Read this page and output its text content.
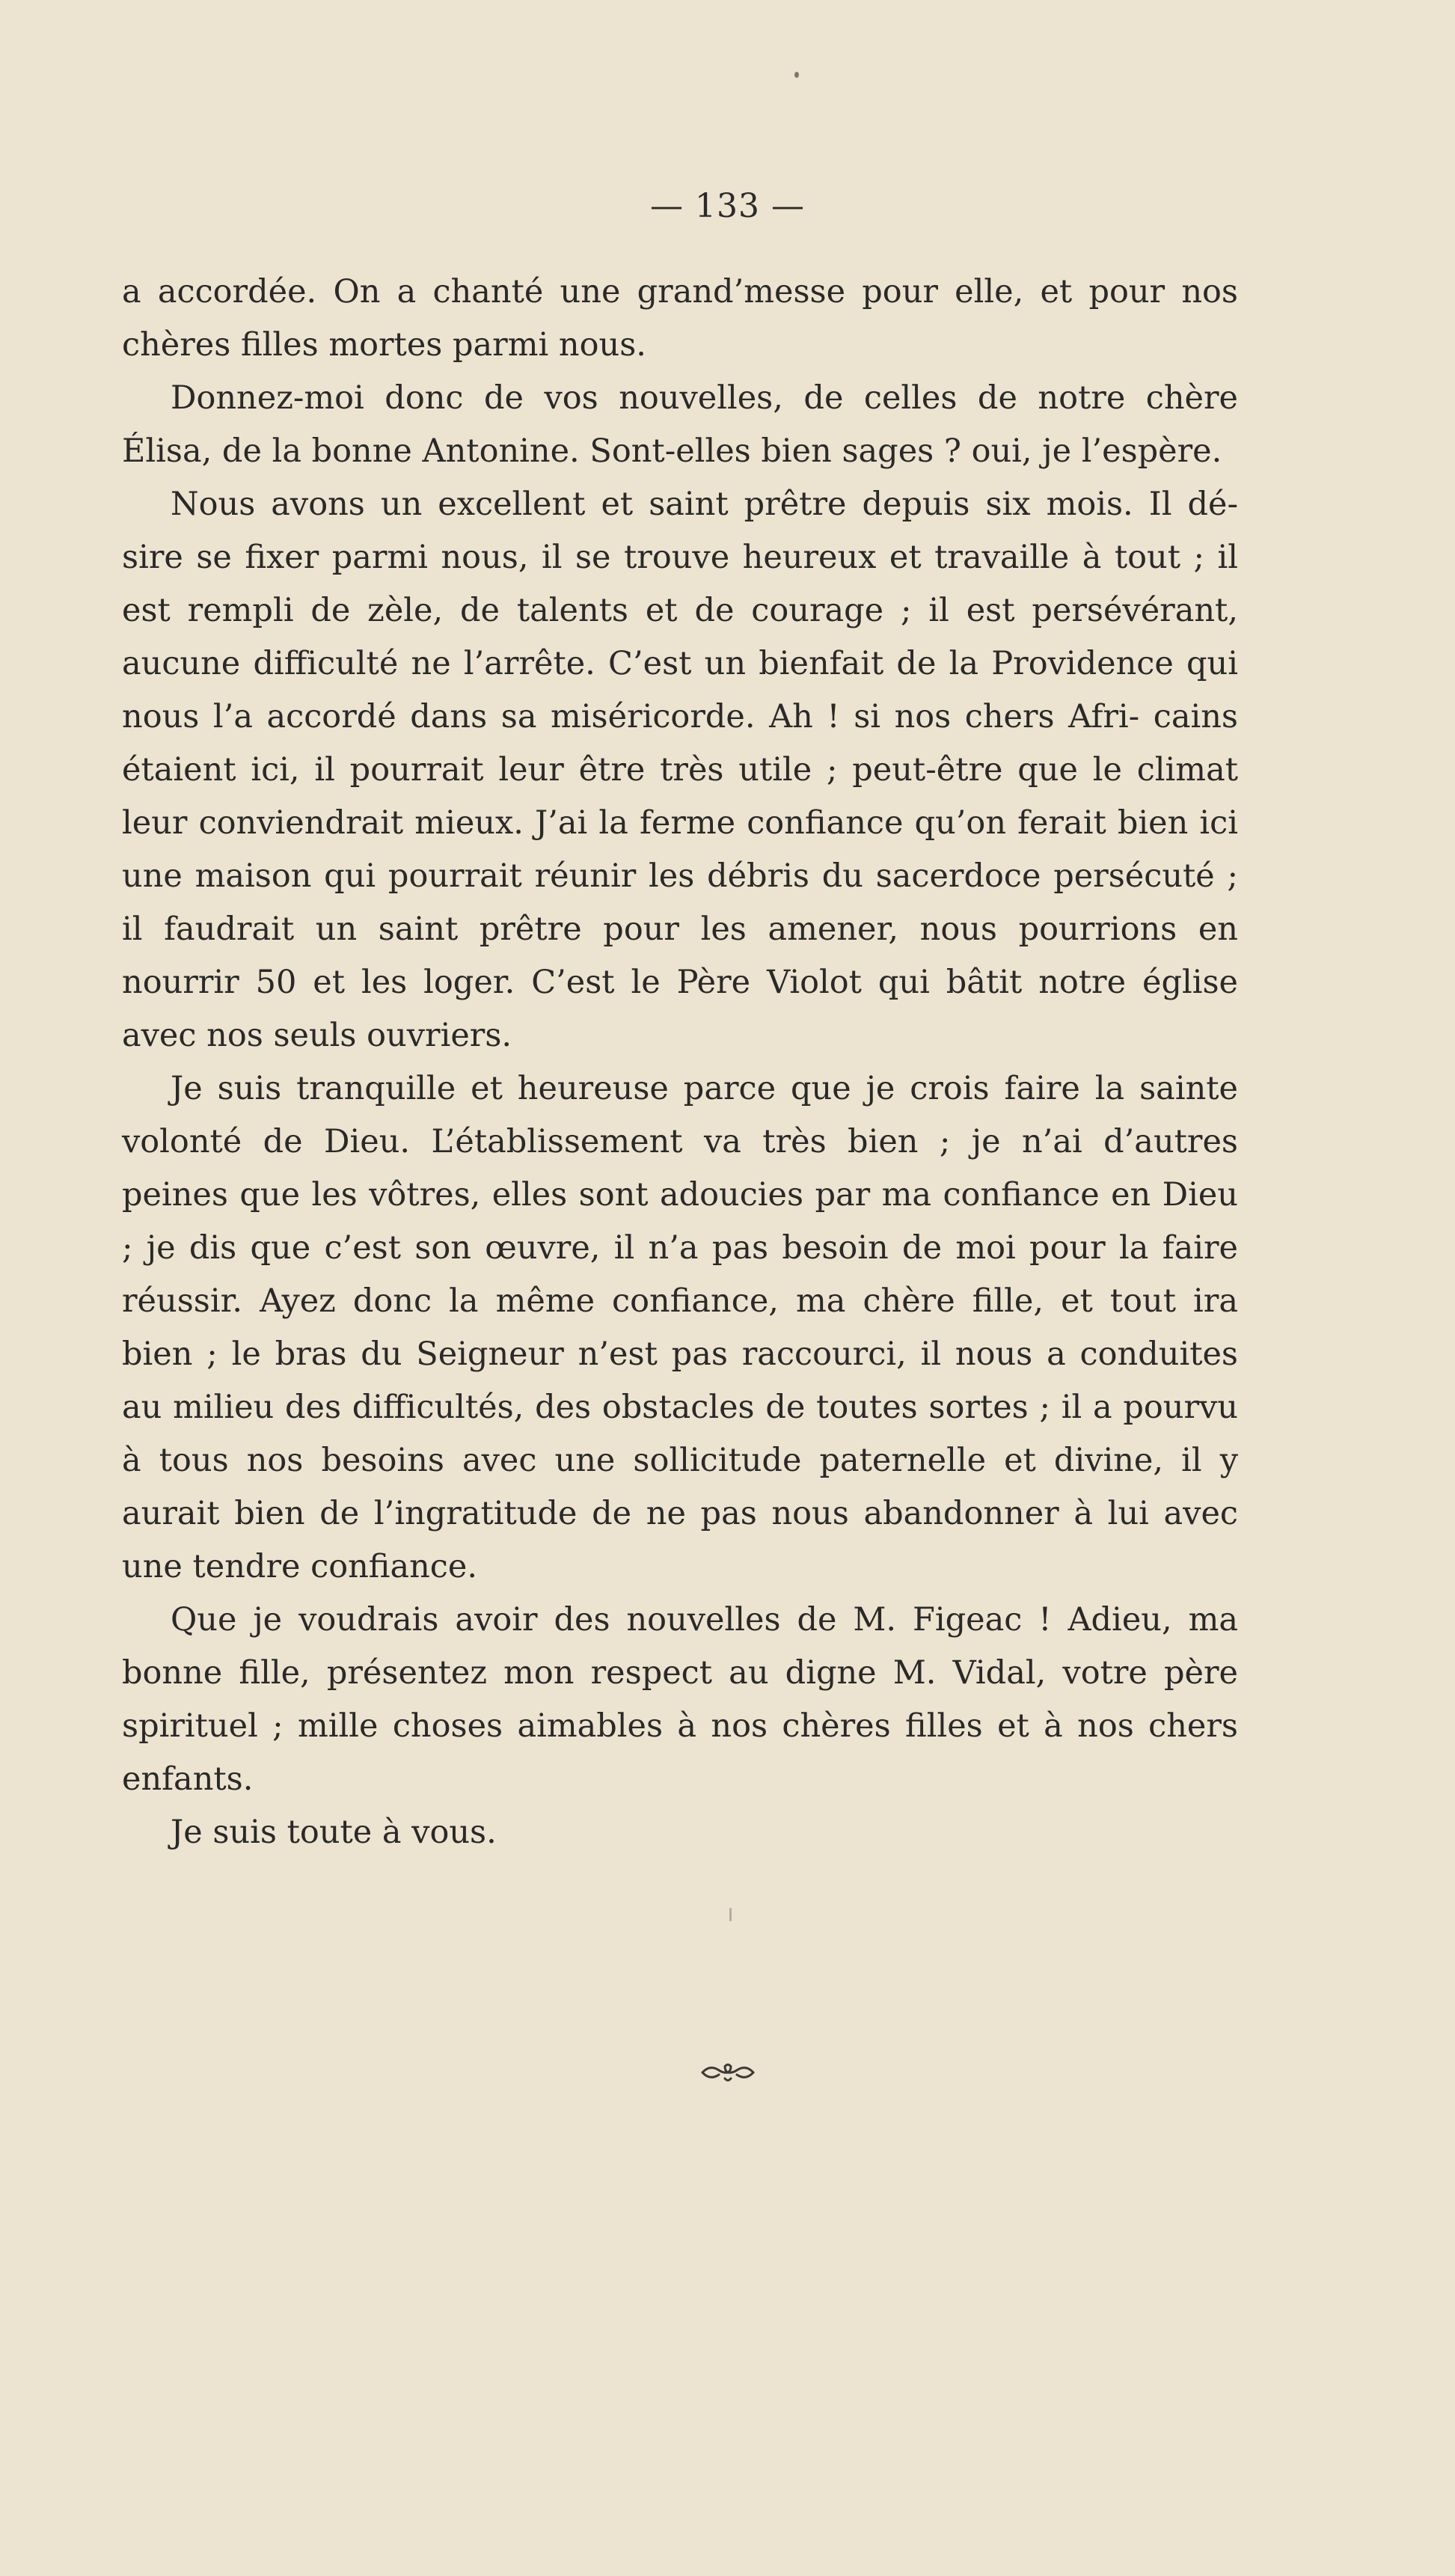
— 133 —

a accordée. On a chanté une grand’messe pour elle, et pour nos chères filles mortes parmi nous.

Donnez-moi donc de vos nouvelles, de celles de notre chère Élisa, de la bonne Antonine. Sont-elles bien sages ? oui, je l’espère.

Nous avons un excellent et saint prêtre depuis six mois. Il dé- sire se fixer parmi nous, il se trouve heureux et travaille à tout ; il est rempli de zèle, de talents et de courage ; il est persévérant, aucune difficulté ne l’arrête. C’est un bienfait de la Providence qui nous l’a accordé dans sa miséricorde. Ah ! si nos chers Afri- cains étaient ici, il pourrait leur être très utile ; peut-être que le climat leur conviendrait mieux. J’ai la ferme confiance qu’on ferait bien ici une maison qui pourrait réunir les débris du sacerdoce persécuté ; il faudrait un saint prêtre pour les amener, nous pourrions en nourrir 50 et les loger. C’est le Père Violot qui bâtit notre église avec nos seuls ouvriers.

Je suis tranquille et heureuse parce que je crois faire la sainte volonté de Dieu. L’établissement va très bien ; je n’ai d’autres peines que les vôtres, elles sont adoucies par ma confiance en Dieu ; je dis que c’est son œuvre, il n’a pas besoin de moi pour la faire réussir. Ayez donc la même confiance, ma chère fille, et tout ira bien ; le bras du Seigneur n’est pas raccourci, il nous a conduites au milieu des difficultés, des obstacles de toutes sortes ; il a pourvu à tous nos besoins avec une sollicitude paternelle et divine, il y aurait bien de l’ingratitude de ne pas nous abandonner à lui avec une tendre confiance.

Que je voudrais avoir des nouvelles de M. Figeac ! Adieu, ma bonne fille, présentez mon respect au digne M. Vidal, votre père spirituel ; mille choses aimables à nos chères filles et à nos chers enfants.

Je suis toute à vous.
